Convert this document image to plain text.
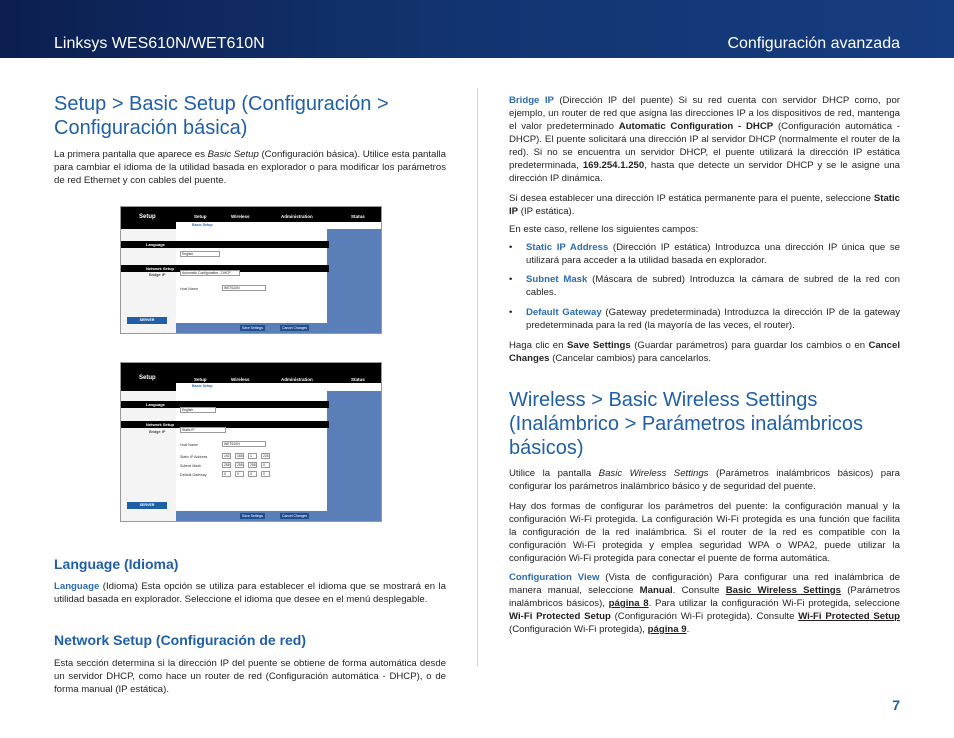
Linksys WES610N/WET610N	Configuración avanzada
Setup > Basic Setup (Configuración >
Configuración básica)

La primera pantalla que aparece es Basic Setup (Configuración básica). Utilice esta pantalla para cambiar el idioma de la utilidad basada en explorador o para modificar los parámetros de red Ethernet y con cables del puente.

Setup	Setup	Wireless	Administration	Status
Basic Setup
Language
English
Network Setup
Bridge IP	Automatic Configuration - DHCP
Host Name	WET610N
SERVER
Save Settings	Cancel Changes
Setup	Setup	Wireless	Administration	Status
Basic Setup
Language
English
Network Setup
Bridge IP	Static IP
Host Name	WET610N
Static IP Address	192	168	1	226
Subnet Mask	255	255	255	0
Default Gateway	0	0	0	0
SERVER
Save Settings	Cancel Changes
Language (Idioma)

Language (Idioma) Esta opción se utiliza para establecer el idioma que se mostrará en la utilidad basada en explorador. Seleccione el idioma que desee en el menú desplegable.

Network Setup (Configuración de red)

Esta sección determina si la dirección IP del puente se obtiene de forma automática desde un servidor DHCP, como hace un router de red (Configuración automática - DHCP), o de forma manual (IP estática).

Bridge IP (Dirección IP del puente) Si su red cuenta con servidor DHCP como, por ejemplo, un router de red que asigna las direcciones IP a los dispositivos de red, mantenga el valor predeterminado Automatic Configuration - DHCP (Configuración automática - DHCP). El puente solicitará una dirección IP al servidor DHCP (normalmente el router de la red). Si no se encuentra un servidor DHCP, el puente utilizará la dirección IP estática predeterminada, 169.254.1.250, hasta que detecte un servidor DHCP y se le asigne una dirección IP dinámica.

Si desea establecer una dirección IP estática permanente para el puente, seleccione Static IP (IP estática).

En este caso, rellene los siguientes campos:

• Static IP Address (Dirección IP estática) Introduzca una dirección IP única que se utilizará para acceder a la utilidad basada en explorador.
• Subnet Mask (Máscara de subred) Introduzca la cámara de subred de la red con cables.
• Default Gateway (Gateway predeterminada) Introduzca la dirección IP de la gateway predeterminada para la red (la mayoría de las veces, el router).

Haga clic en Save Settings (Guardar parámetros) para guardar los cambios o en Cancel Changes (Cancelar cambios) para cancelarlos.

Wireless > Basic Wireless Settings
(Inalámbrico > Parámetros inalámbricos
básicos)

Utilice la pantalla Basic Wireless Settings (Parámetros inalámbricos básicos) para configurar los parámetros inalámbrico básico y de seguridad del puente.

Hay dos formas de configurar los parámetros del puente: la configuración manual y la configuración Wi-Fi protegida. La configuración Wi-Fi protegida es una función que facilita la configuración de la red inalámbrica. Si el router de la red es compatible con la configuración Wi-Fi protegida y emplea seguridad WPA o WPA2, puede utilizar la configuración Wi-Fi protegida para conectar el puente de forma automática.

Configuration View (Vista de configuración) Para configurar una red inalámbrica de manera manual, seleccione Manual. Consulte Basic Wireless Settings (Parámetros inalámbricos básicos), página 8. Para utilizar la configuración Wi-Fi protegida, seleccione Wi-Fi Protected Setup (Configuración Wi-Fi protegida). Consulte Wi-Fi Protected Setup (Configuración Wi-Fi protegida), página 9.

7
